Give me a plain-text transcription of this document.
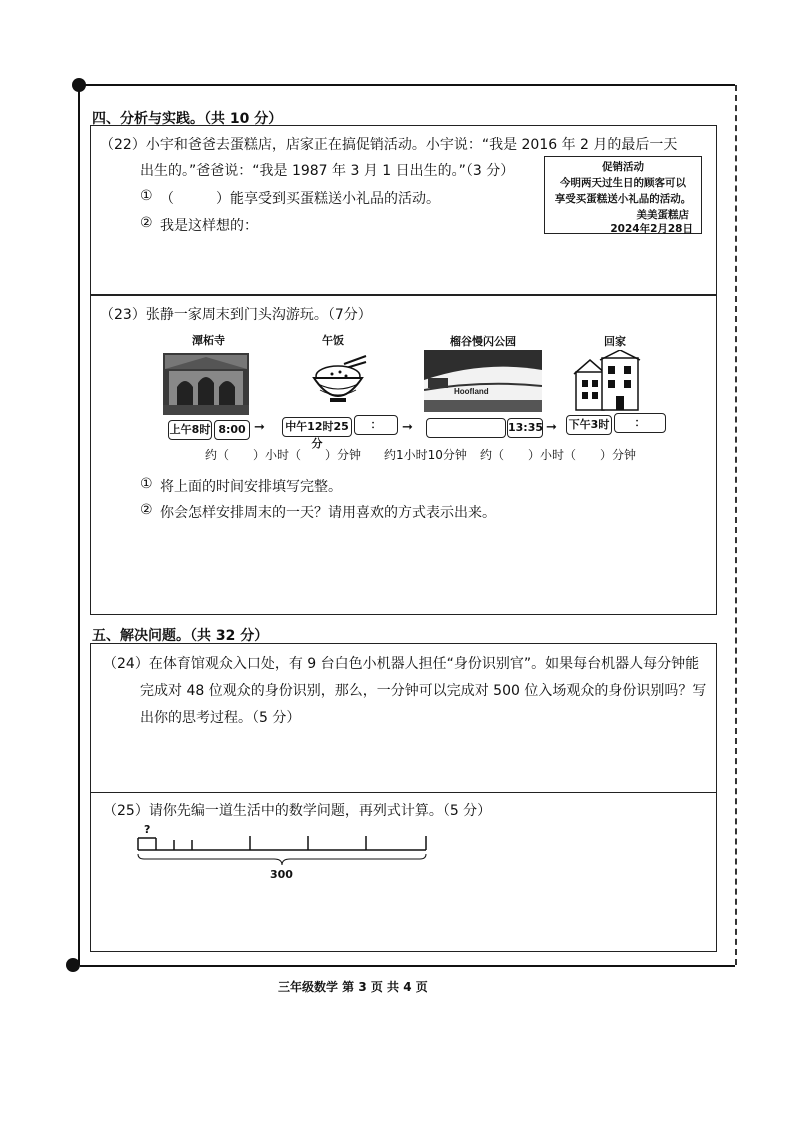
四、分析与实践。（共 10 分）
（22）小宇和爸爸去蛋糕店，店家正在搞促销活动。小宇说：“我是 2016 年 2 月的最后一天
出生的。”爸爸说：“我是 1987 年 3 月 1 日出生的。”（3 分）
① （　　　）能享受到买蛋糕送小礼品的活动。
② 我是这样想的：
促销活动
今明两天过生日的顾客可以
享受买蛋糕送小礼品的活动。
美美蛋糕店
2024年2月28日
（23）张静一家周末到门头沟游玩。（7分）
潭柘寺	午饭	榴谷慢闪公园	回家
Hoofland
上午8时 8:00 ➞ 中午12时25分
：	➞	13:35 ➞ 下午3时	：
约（　　）小时（　　）分钟 约1小时10分钟 约（　　）小时（　　）分钟
① 将上面的时间安排填写完整。
② 你会怎样安排周末的一天？请用喜欢的方式表示出来。
五、解决问题。（共 32 分）
（24）在体育馆观众入口处，有 9 台白色小机器人担任“身份识别官”。如果每台机器人每分钟能
完成对 48 位观众的身份识别，那么，一分钟可以完成对 500 位入场观众的身份识别吗？写
出你的思考过程。（5 分）
（25）请你先编一道生活中的数学问题，再列式计算。（5 分）
?
300
三年级数学 第 3 页 共 4 页
